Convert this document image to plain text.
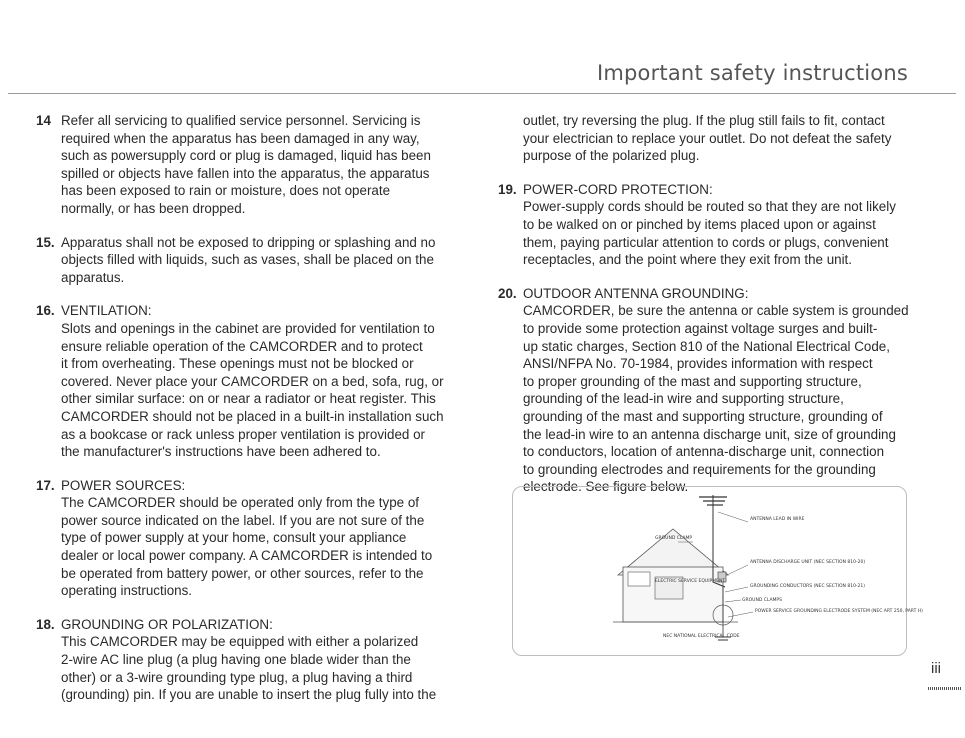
Important safety instructions
14 Refer all servicing to qualified service personnel. Servicing is
required when the apparatus has been damaged in any way,
such as powersupply cord or plug is damaged, liquid has been
spilled or objects have fallen into the apparatus, the apparatus
has been exposed to rain or moisture, does not operate
normally, or has been dropped.
15. Apparatus shall not be exposed to dripping or splashing and no
objects filled with liquids, such as vases, shall be placed on the
apparatus.
16. VENTILATION:
Slots and openings in the cabinet are provided for ventilation to
ensure reliable operation of the CAMCORDER and to protect
it from overheating. These openings must not be blocked or
covered. Never place your CAMCORDER on a bed, sofa, rug, or
other similar surface: on or near a radiator or heat register. This
CAMCORDER should not be placed in a built-in installation such
as a bookcase or rack unless proper ventilation is provided or
the manufacturer's instructions have been adhered to.
17. POWER SOURCES:
The CAMCORDER should be operated only from the type of
power source indicated on the label. If you are not sure of the
type of power supply at your home, consult your appliance
dealer or local power company. A CAMCORDER is intended to
be operated from battery power, or other sources, refer to the
operating instructions.
18. GROUNDING OR POLARIZATION:
This CAMCORDER may be equipped with either a polarized
2-wire AC line plug (a plug having one blade wider than the
other) or a 3-wire grounding type plug, a plug having a third
(grounding) pin. If you are unable to insert the plug fully into the
outlet, try reversing the plug. If the plug still fails to fit, contact
your electrician to replace your outlet. Do not defeat the safety
purpose of the polarized plug.
19. POWER-CORD PROTECTION:
Power-supply cords should be routed so that they are not likely
to be walked on or pinched by items placed upon or against
them, paying particular attention to cords or plugs, convenient
receptacles, and the point where they exit from the unit.
20. OUTDOOR ANTENNA GROUNDING:
CAMCORDER, be sure the antenna or cable system is grounded
to provide some protection against voltage surges and built-
up static charges, Section 810 of the National Electrical Code,
ANSI/NFPA No. 70-1984, provides information with respect
to proper grounding of the mast and supporting structure,
grounding of the lead-in wire and supporting structure,
grounding of the mast and supporting structure, grounding of
the lead-in wire to an antenna discharge unit, size of grounding
to conductors, location of antenna-discharge unit, connection
to grounding electrodes and requirements for the grounding
electrode. See figure below.
ANTENNA LEAD IN WIRE
GROUND CLAMP
ANTENNA DISCHARGE UNIT (NEC SECTION 810-20)
ELECTRIC SERVICE EQUIPMENT
GROUNDING CONDUCTORS (NEC SECTION 810-21)
GROUND CLAMPS
POWER SERVICE GROUNDING ELECTRODE SYSTEM (NEC ART 250, PART H)
NEC NATIONAL ELECTRICAL CODE
iii
